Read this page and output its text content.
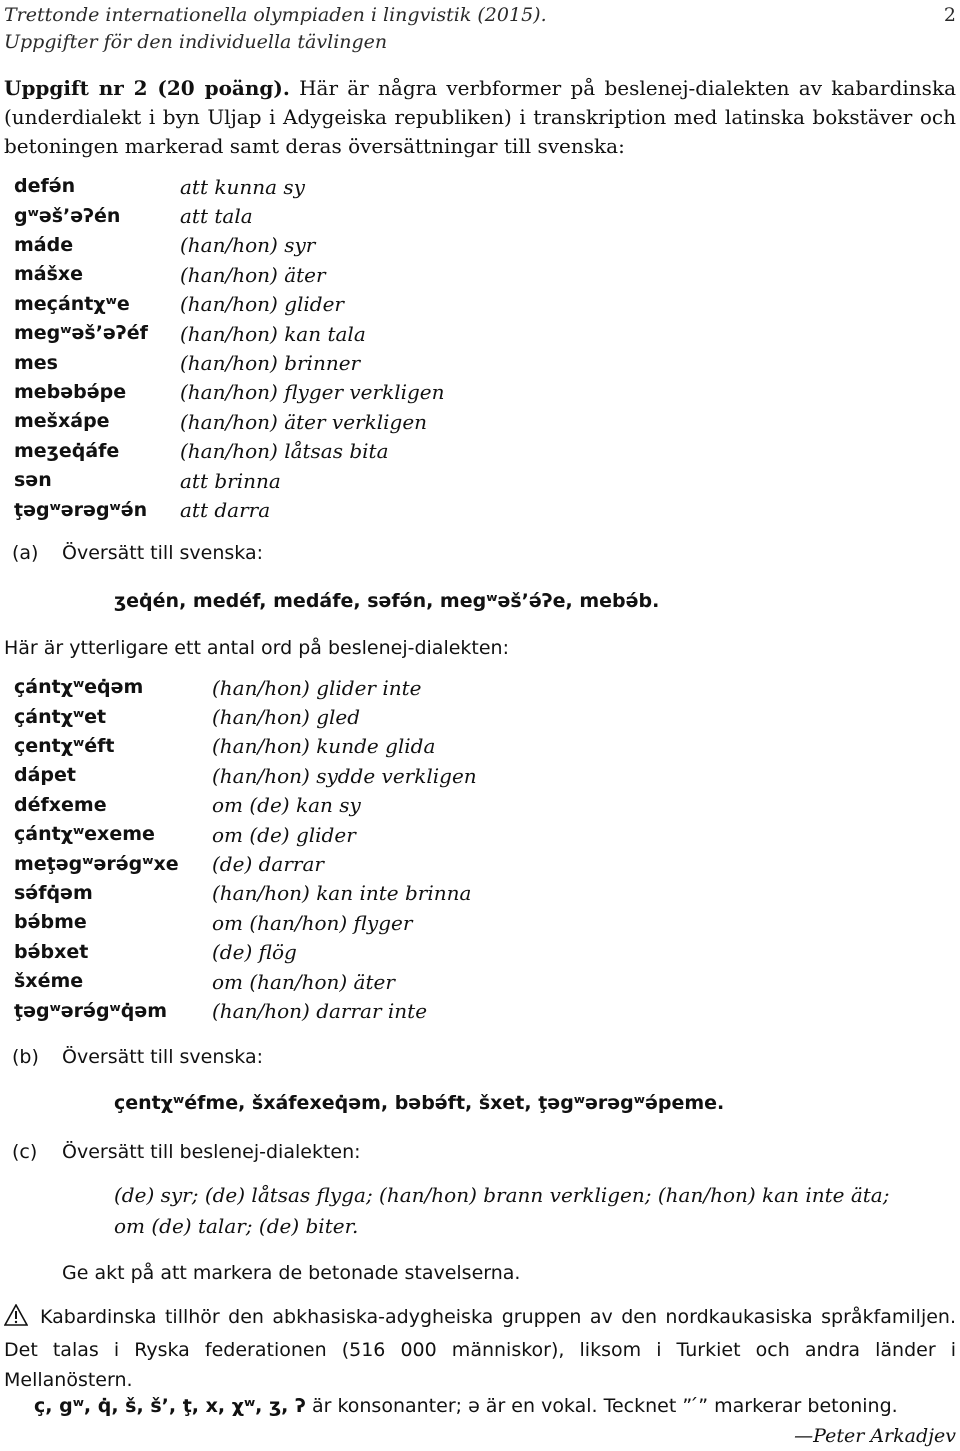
Trettonde internationella olympiaden i lingvistik (2015).
Uppgifter för den individuella tävlingen
2
Uppgift nr 2 (20 poäng). Här är några verbformer på beslenej-dialekten av kabardinska (underdialekt i byn Uljap i Adygeiska republiken) i transkription med latinska bokstäver och betoningen markerad samt deras översättningar till svenska:
defə́n	att kunna sy
gʷəš’əʔén	att tala
máde	(han/hon) syr
mášxe	(han/hon) äter
meçántχʷe	(han/hon) glider
megʷəš’əʔéf	(han/hon) kan tala
mes	(han/hon) brinner
mebəbə́pe	(han/hon) flyger verkligen
mešxápe	(han/hon) äter verkligen
meʒeq̇áfe	(han/hon) låtsas bita
sən	att brinna
ţəgʷərəgʷə́n	att darra
(a) Översätt till svenska:
ʒeq̇én, medéf, medáfe, səfə́n, megʷəš’ə́ʔe, mebə́b.
Här är ytterligare ett antal ord på beslenej-dialekten:
çántχʷeq̇əm	(han/hon) glider inte
çántχʷet	(han/hon) gled
çentχʷéft	(han/hon) kunde glida
dápet	(han/hon) sydde verkligen
défxeme	om (de) kan sy
çántχʷexeme	om (de) glider
meţəgʷərə́gʷxe	(de) darrar
sə́fq̇əm	(han/hon) kan inte brinna
bə́bme	om (han/hon) flyger
bə́bxet	(de) flög
šxéme	om (han/hon) äter
ţəgʷərə́gʷq̇əm	(han/hon) darrar inte
(b) Översätt till svenska:
çentχʷéfme, šxáfexeq̇əm, bəbə́ft, šxet, ţəgʷərəgʷə́peme.
(c) Översätt till beslenej-dialekten:
(de) syr; (de) låtsas flyga; (han/hon) brann verkligen; (han/hon) kan inte äta;
om (de) talar; (de) biter.
Ge akt på att markera de betonade stavelserna.
Kabardinska tillhör den abkhasiska-adygheiska gruppen av den nordkaukasiska språkfamiljen. Det talas i Ryska federationen (516 000 människor), liksom i Turkiet och andra länder i Mellanöstern.
ç, gʷ, q̇, š, š’, ţ, x, χʷ, ʒ, ʔ är konsonanter; ə är en vokal. Tecknet ” ́” markerar betoning.
—Peter Arkadjev
